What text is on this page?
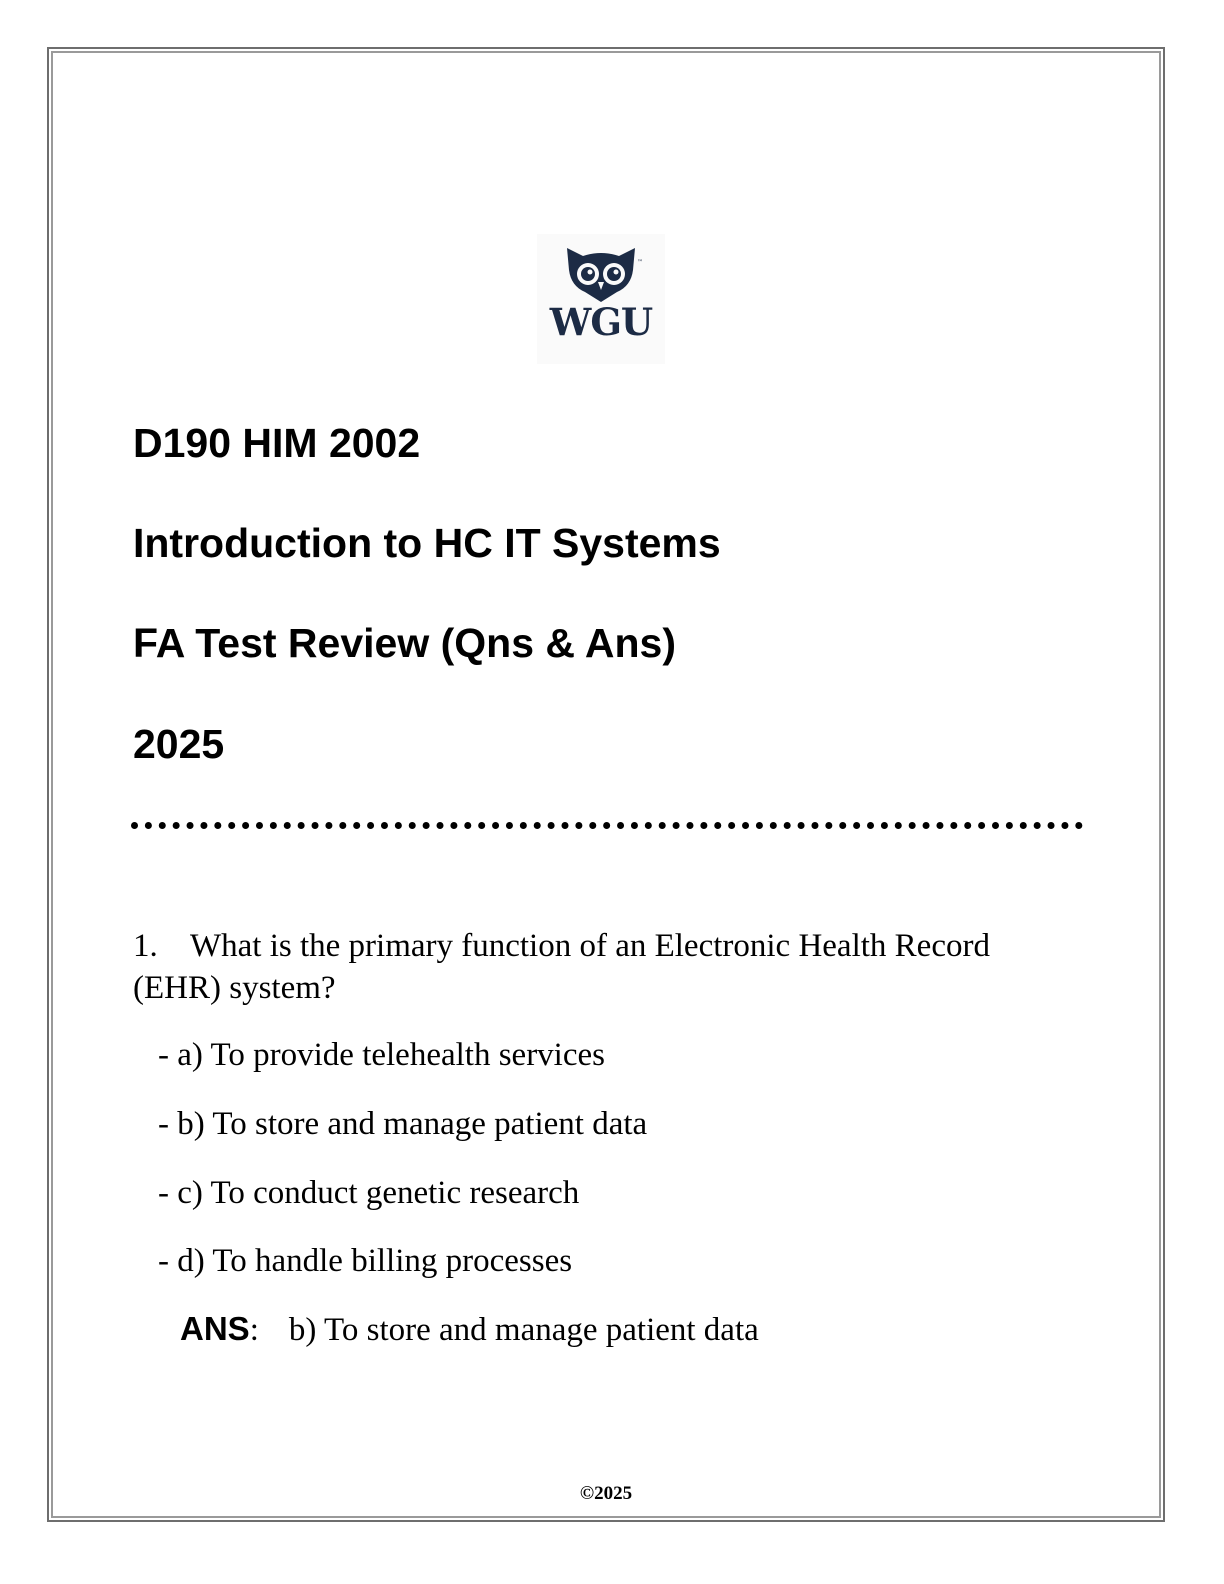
™
WGU
D190 HIM 2002
Introduction to HC IT Systems
FA Test Review (Qns & Ans)
2025

1. What is the primary function of an Electronic Health Record (EHR) system?

- a) To provide telehealth services
- b) To store and manage patient data
- c) To conduct genetic research
- d) To handle billing processes
ANS: b) To store and manage patient data
©2025
